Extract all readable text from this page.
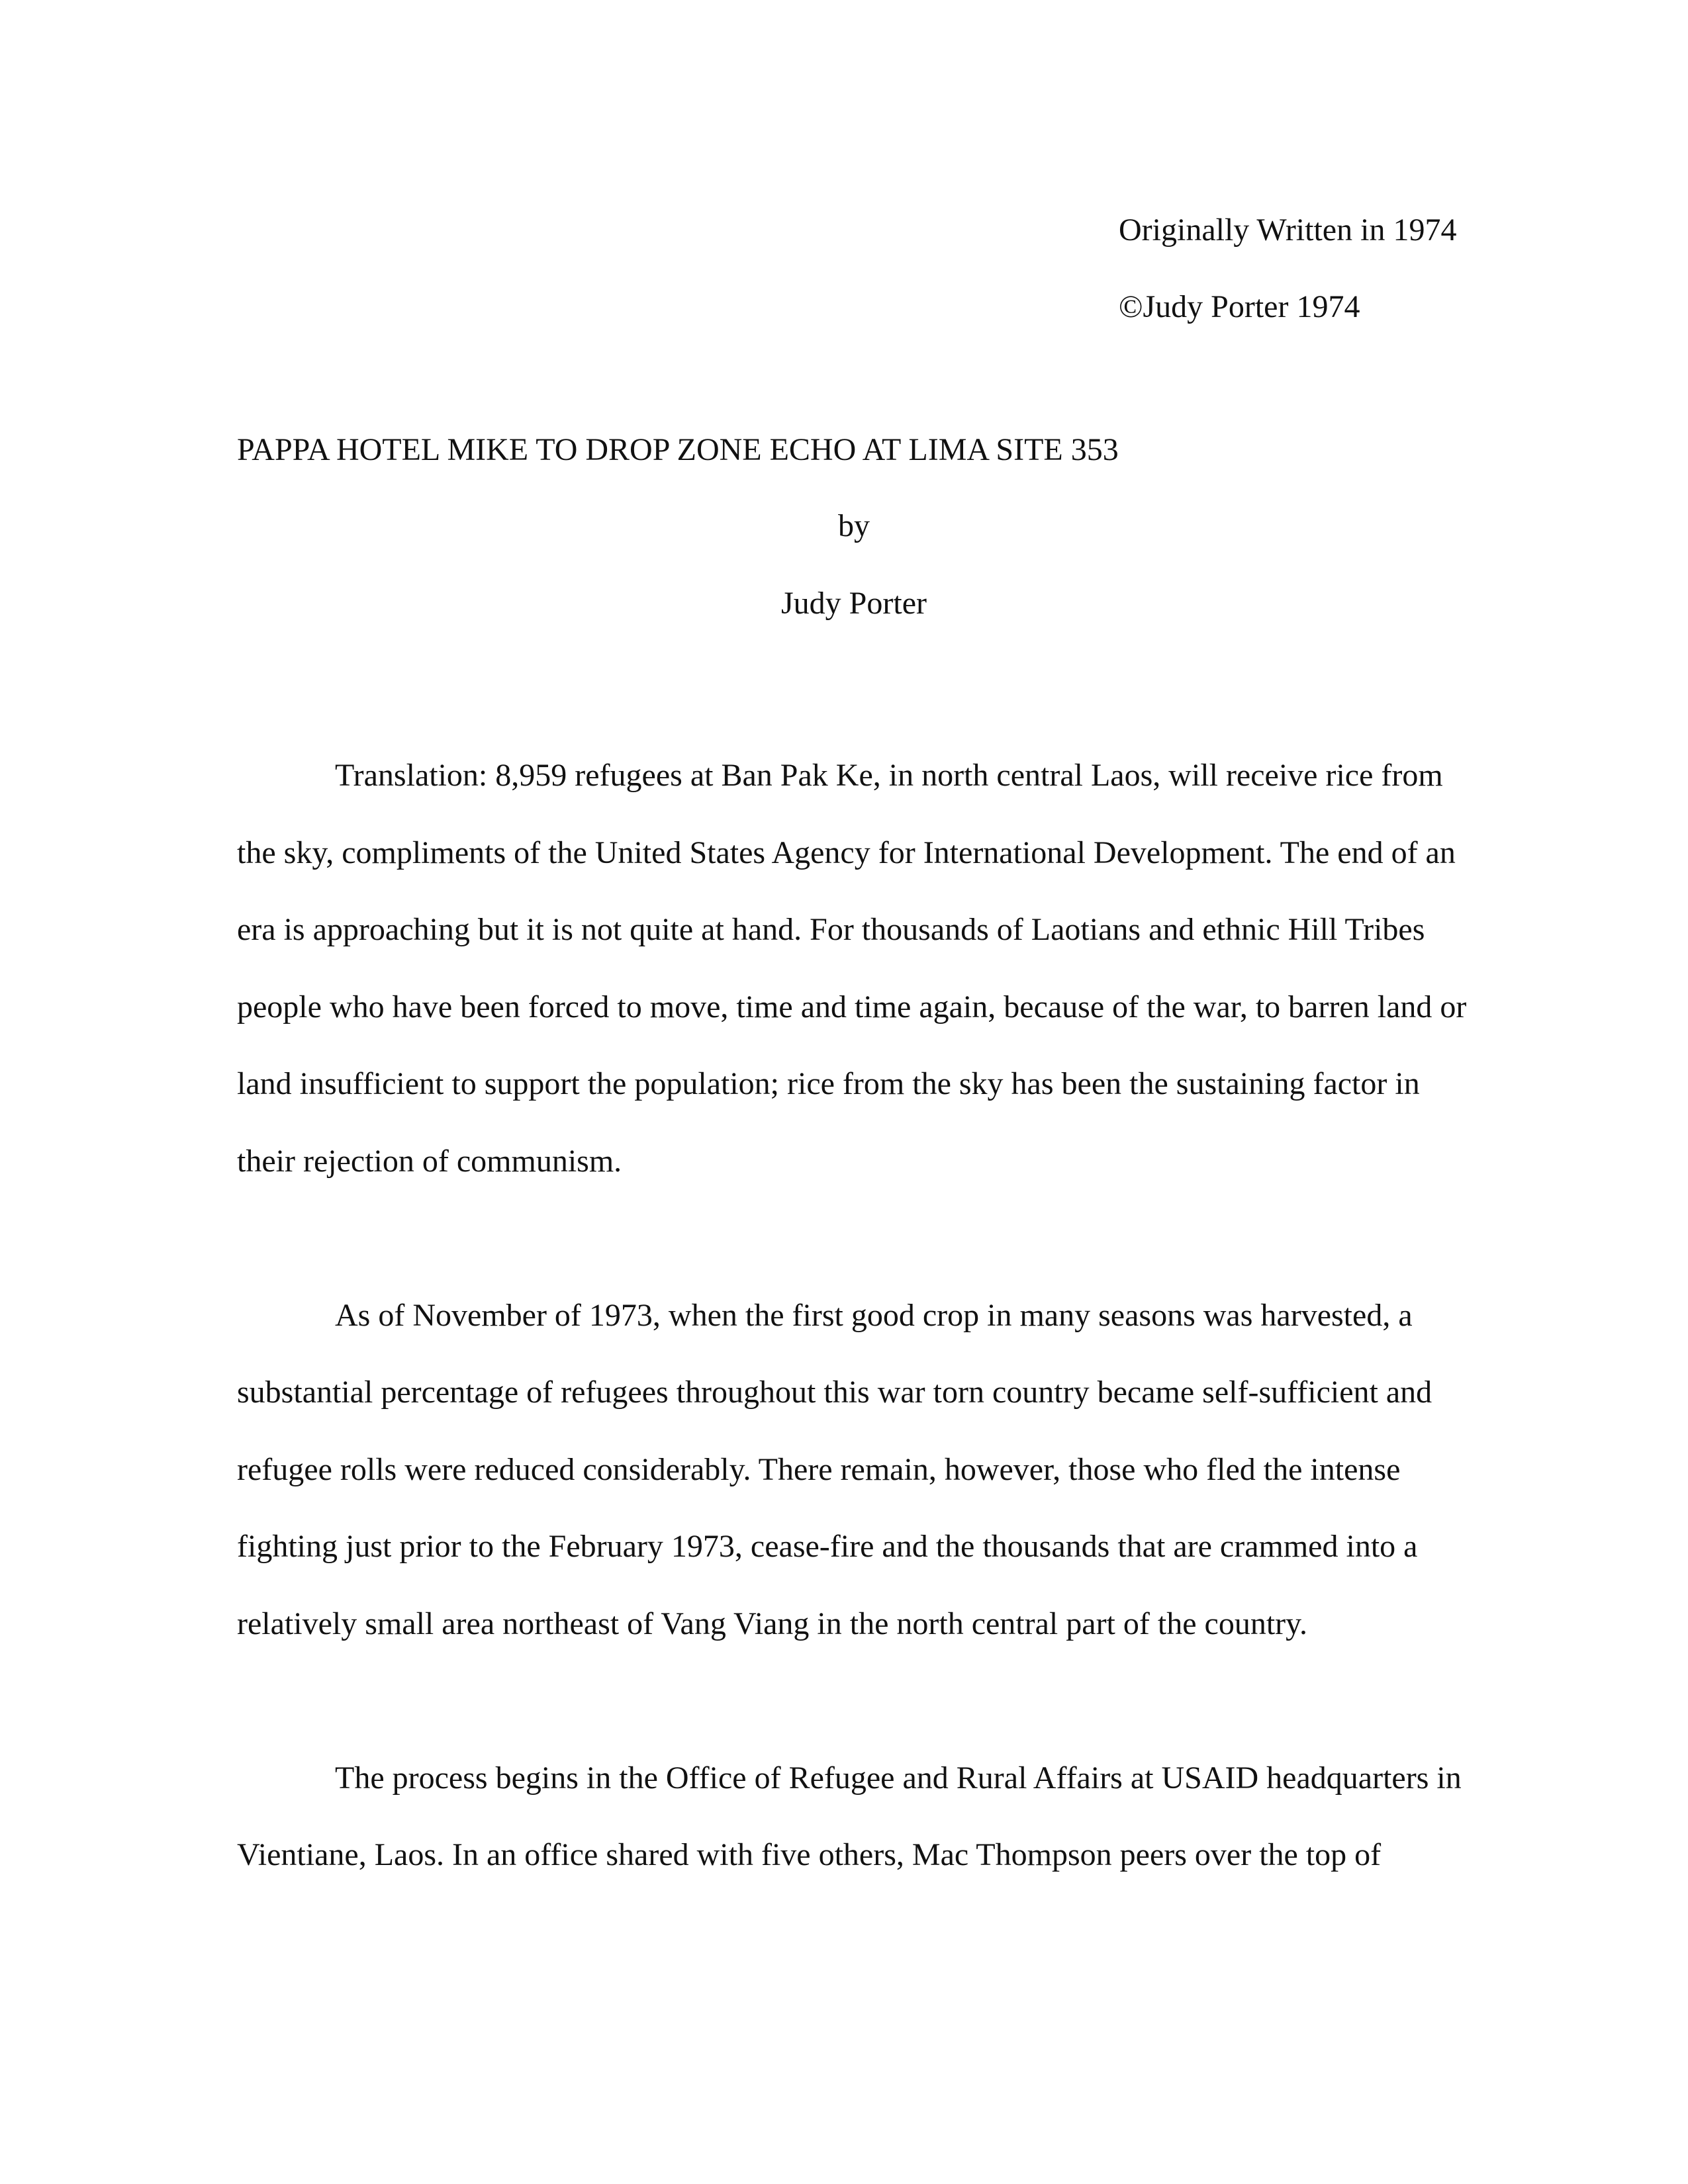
Originally Written in 1974
©Judy Porter 1974
PAPPA HOTEL MIKE TO DROP ZONE ECHO AT LIMA SITE 353
by
Judy Porter

Translation: 8,959 refugees at Ban Pak Ke, in north central Laos, will receive rice from the sky, compliments of the United States Agency for International Development. The end of an era is approaching but it is not quite at hand. For thousands of Laotians and ethnic Hill Tribes people who have been forced to move, time and time again, because of the war, to barren land or land insufficient to support the population; rice from the sky has been the sustaining factor in their rejection of communism.

As of November of 1973, when the first good crop in many seasons was harvested, a substantial percentage of refugees throughout this war torn country became self-sufficient and refugee rolls were reduced considerably. There remain, however, those who fled the intense fighting just prior to the February 1973, cease-fire and the thousands that are crammed into a relatively small area northeast of Vang Viang in the north central part of the country.

The process begins in the Office of Refugee and Rural Affairs at USAID headquarters in Vientiane, Laos. In an office shared with five others, Mac Thompson peers over the top of
